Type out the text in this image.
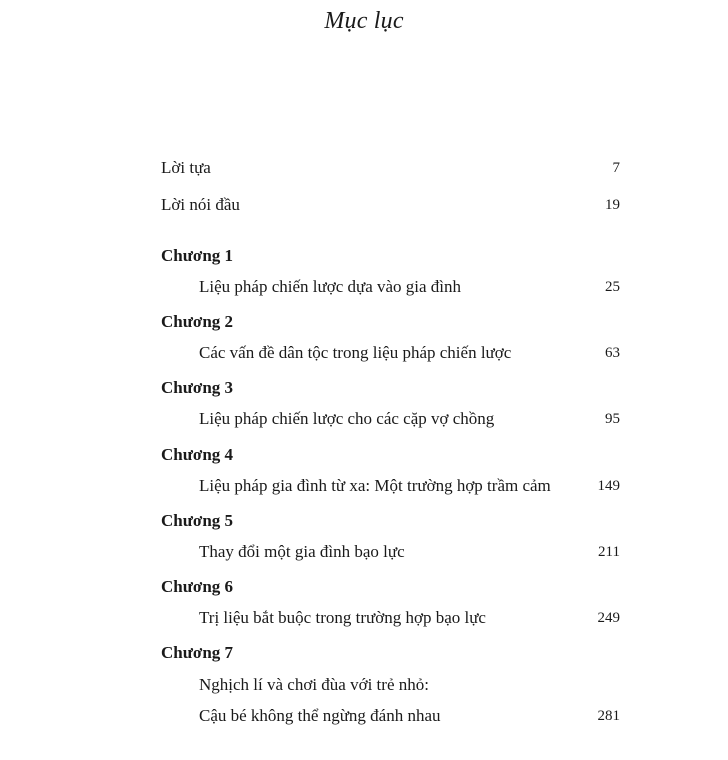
Mục lục
Lời tựa	7
Lời nói đầu	19
Chương 1
Liệu pháp chiến lược dựa vào gia đình	25
Chương 2
Các vấn đề dân tộc trong liệu pháp chiến lược	63
Chương 3
Liệu pháp chiến lược cho các cặp vợ chồng	95
Chương 4
Liệu pháp gia đình từ xa: Một trường hợp trầm cảm	149
Chương 5
Thay đổi một gia đình bạo lực	211
Chương 6
Trị liệu bắt buộc trong trường hợp bạo lực	249
Chương 7
Nghịch lí và chơi đùa với trẻ nhỏ:
Cậu bé không thể ngừng đánh nhau	281
